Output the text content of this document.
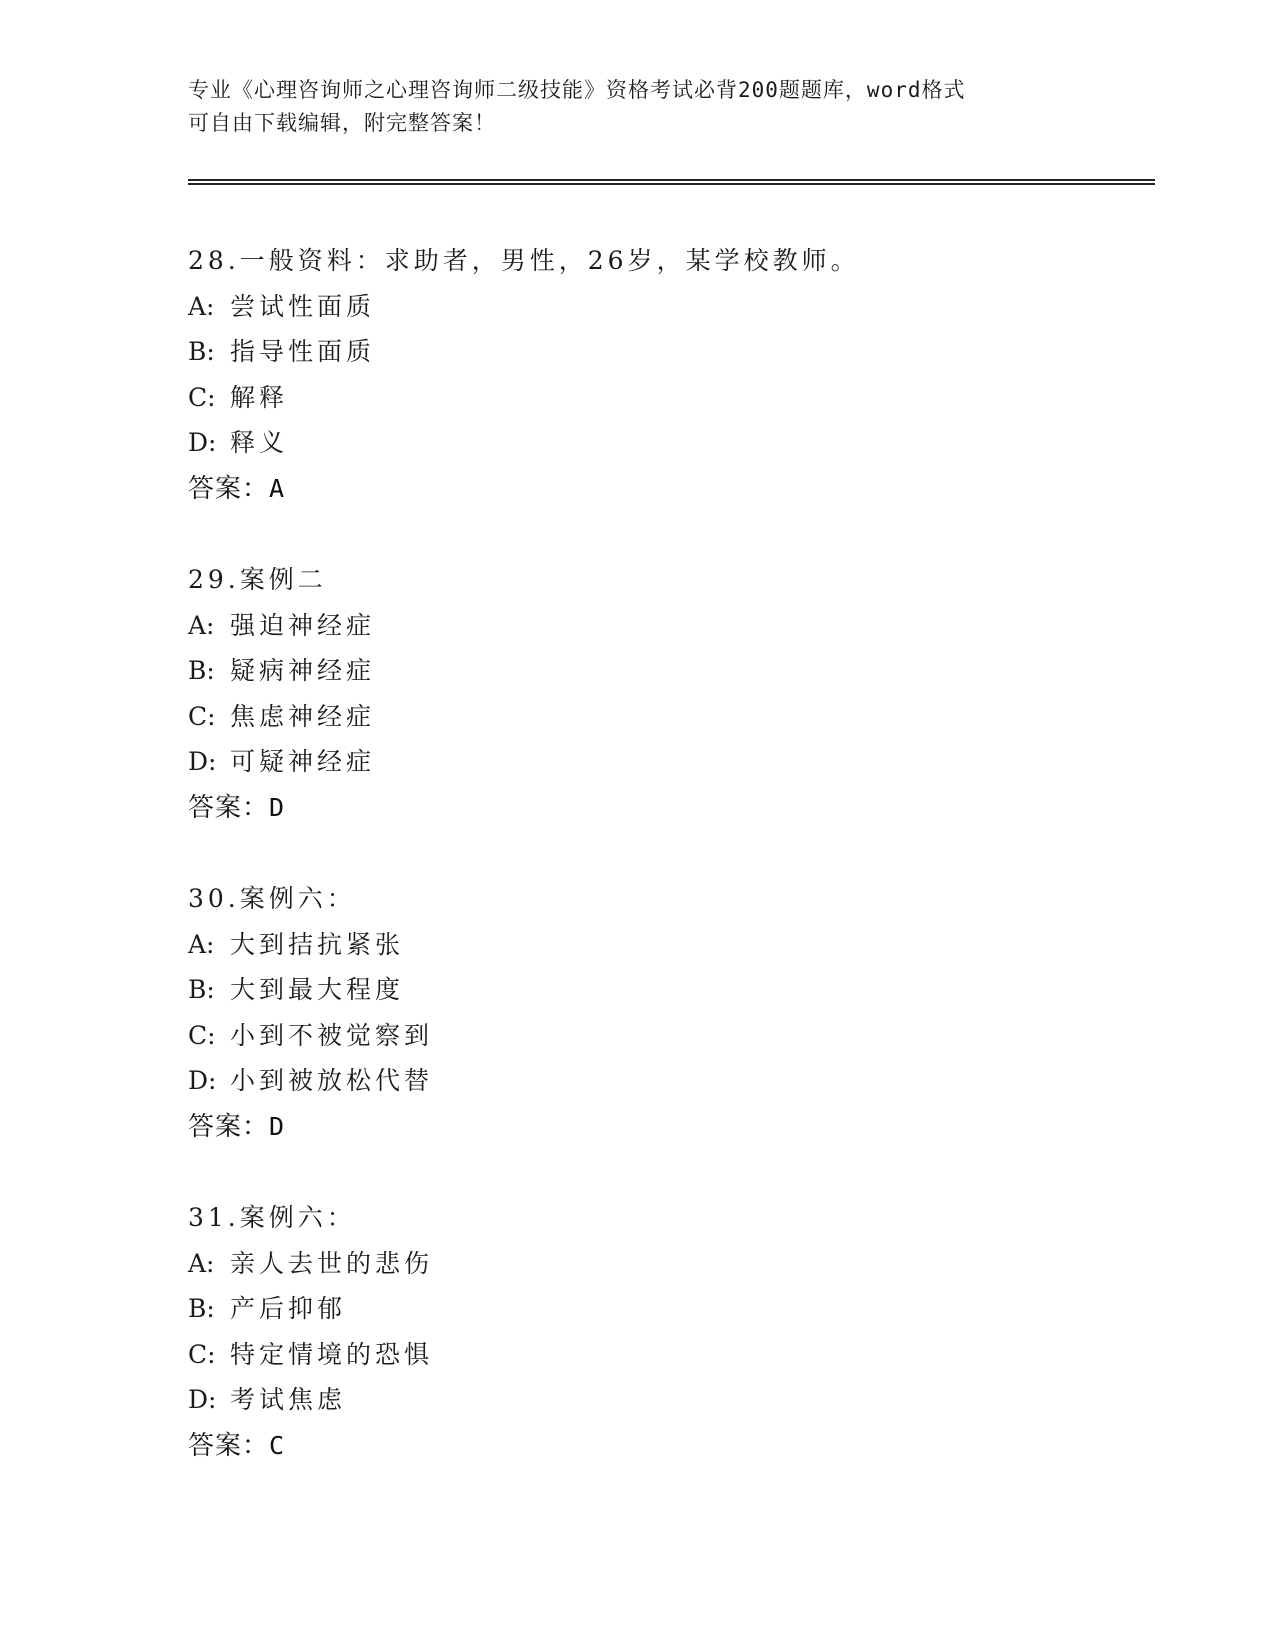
专业《心理咨询师之心理咨询师二级技能》资格考试必背200题题库，word格式
可自由下载编辑，附完整答案！
28.一般资料：求助者，男性，26岁，某学校教师。
A: 尝试性面质
B: 指导性面质
C: 解释
D: 释义
答案：A
29.案例二
A: 强迫神经症
B: 疑病神经症
C: 焦虑神经症
D: 可疑神经症
答案：D
30.案例六：
A: 大到拮抗紧张
B: 大到最大程度
C: 小到不被觉察到
D: 小到被放松代替
答案：D
31.案例六：
A: 亲人去世的悲伤
B: 产后抑郁
C: 特定情境的恐惧
D: 考试焦虑
答案：C
